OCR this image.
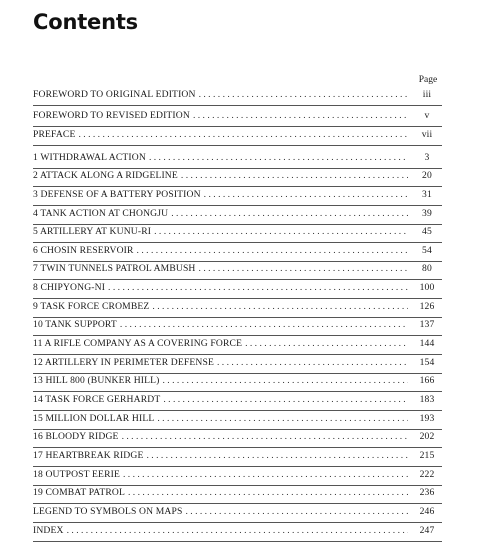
Contents
Page
FOREWORD TO ORIGINAL EDITION . . .	iii
FOREWORD TO REVISED EDITION . . .	v
PREFACE . . .	vii
1 WITHDRAWAL ACTION . . .	3
2 ATTACK ALONG A RIDGELINE . . .	20
3 DEFENSE OF A BATTERY POSITION . . .	31
4 TANK ACTION AT CHONGJU . . .	39
5 ARTILLERY AT KUNU-RI . . .	45
6 CHOSIN RESERVOIR . . .	54
7 TWIN TUNNELS PATROL AMBUSH . . .	80
8 CHIPYONG-NI . . .	100
9 TASK FORCE CROMBEZ . . .	126
10 TANK SUPPORT . . .	137
11 A RIFLE COMPANY AS A COVERING FORCE . . .	144
12 ARTILLERY IN PERIMETER DEFENSE . . .	154
13 HILL 800 (BUNKER HILL) . . .	166
14 TASK FORCE GERHARDT . . .	183
15 MILLION DOLLAR HILL . . .	193
16 BLOODY RIDGE . . .	202
17 HEARTBREAK RIDGE . . .	215
18 OUTPOST EERIE . . .	222
19 COMBAT PATROL . . .	236
LEGEND TO SYMBOLS ON MAPS . . .	246
INDEX . . .	247
